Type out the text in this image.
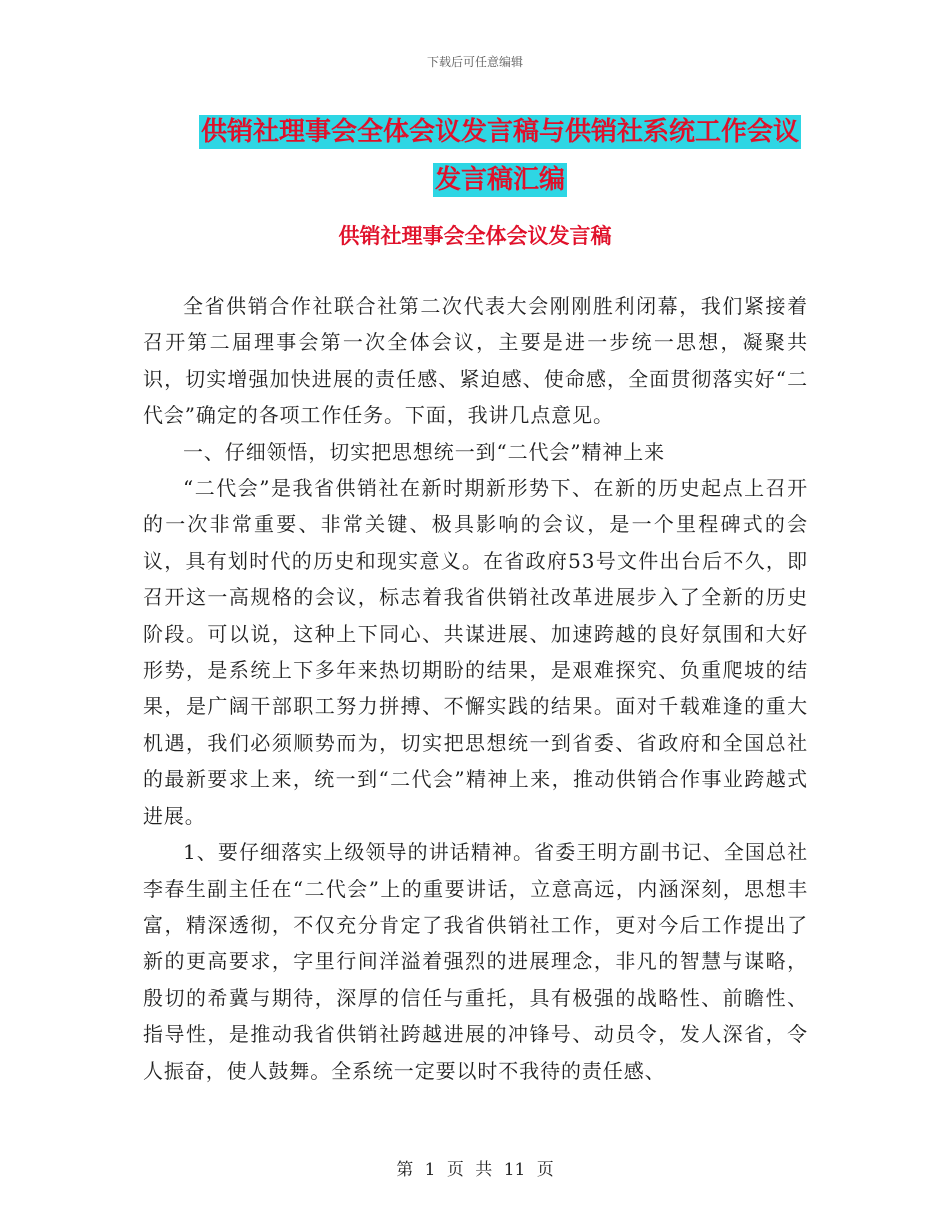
下载后可任意编辑
供销社理事会全体会议发言稿与供销社系统工作会议
发言稿汇编
供销社理事会全体会议发言稿

全省供销合作社联合社第二次代表大会刚刚胜利闭幕，我们紧接着召开第二届理事会第一次全体会议，主要是进一步统一思想，凝聚共识，切实增强加快进展的责任感、紧迫感、使命感，全面贯彻落实好“二代会”确定的各项工作任务。下面，我讲几点意见。

一、仔细领悟，切实把思想统一到“二代会”精神上来

“二代会”是我省供销社在新时期新形势下、在新的历史起点上召开的一次非常重要、非常关键、极具影响的会议，是一个里程碑式的会议，具有划时代的历史和现实意义。在省政府53号文件出台后不久，即召开这一高规格的会议，标志着我省供销社改革进展步入了全新的历史阶段。可以说，这种上下同心、共谋进展、加速跨越的良好氛围和大好形势，是系统上下多年来热切期盼的结果，是艰难探究、负重爬坡的结果，是广阔干部职工努力拼搏、不懈实践的结果。面对千载难逢的重大机遇，我们必须顺势而为，切实把思想统一到省委、省政府和全国总社的最新要求上来，统一到“二代会”精神上来，推动供销合作事业跨越式进展。

1、要仔细落实上级领导的讲话精神。省委王明方副书记、全国总社李春生副主任在“二代会”上的重要讲话，立意高远，内涵深刻，思想丰富，精深透彻，不仅充分肯定了我省供销社工作，更对今后工作提出了新的更高要求，字里行间洋溢着强烈的进展理念，非凡的智慧与谋略，殷切的希冀与期待，深厚的信任与重托，具有极强的战略性、前瞻性、指导性，是推动我省供销社跨越进展的冲锋号、动员令，发人深省，令人振奋，使人鼓舞。全系统一定要以时不我待的责任感、

第 1 页 共 11 页
